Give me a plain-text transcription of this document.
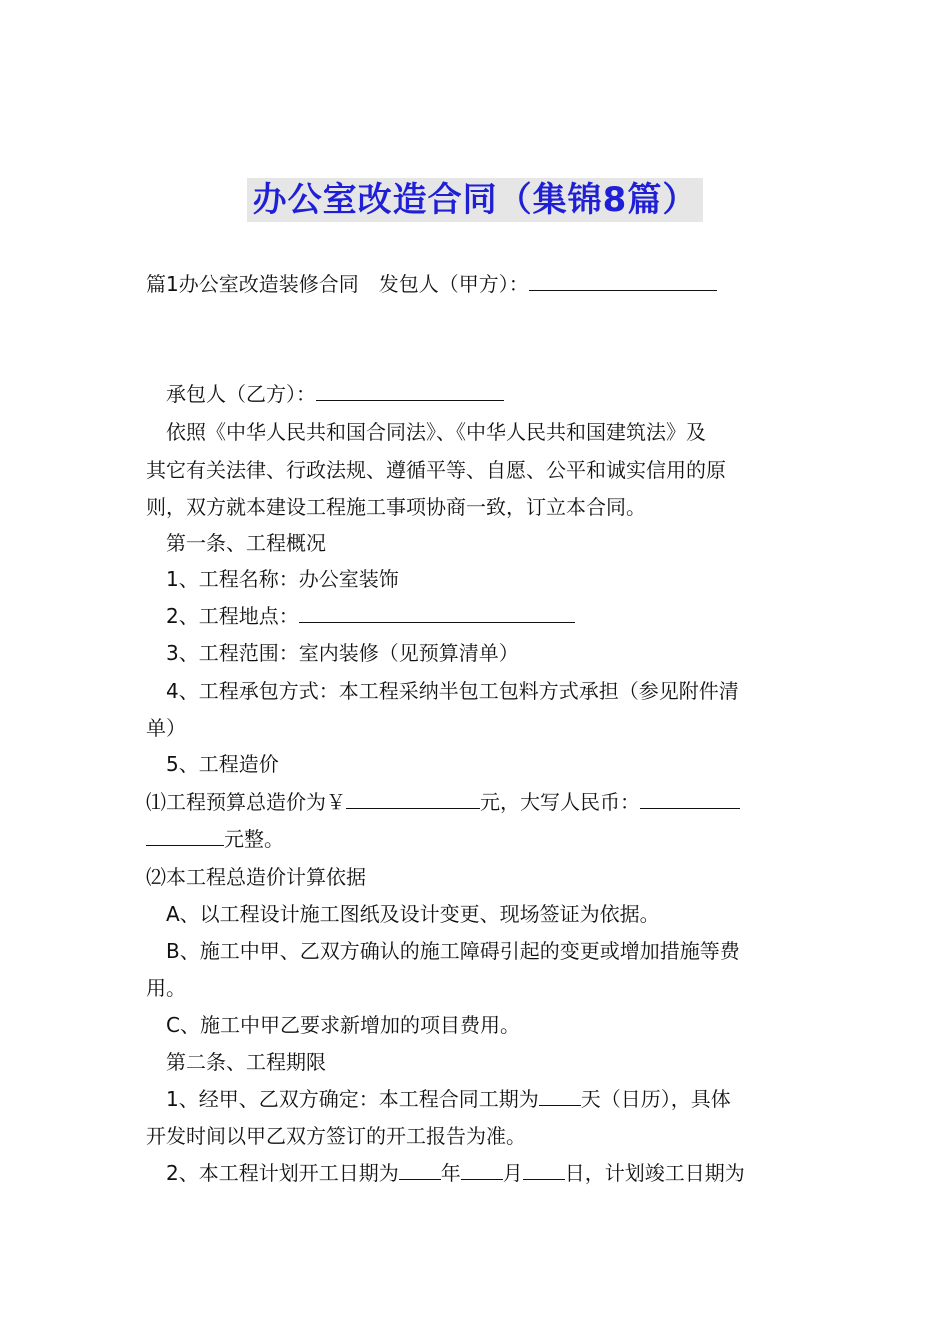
办公室改造合同（集锦8篇）
篇1办公室改造装修合同 发包人（甲方）：
承包人（乙方）：
依照《中华人民共和国合同法》、《中华人民共和国建筑法》及
其它有关法律、行政法规、遵循平等、自愿、公平和诚实信用的原
则，双方就本建设工程施工事项协商一致，订立本合同。
第一条、工程概况
1、工程名称：办公室装饰
2、工程地点：
3、工程范围：室内装修（见预算清单）
4、工程承包方式：本工程采纳半包工包料方式承担（参见附件清
单）
5、工程造价
⑴工程预算总造价为￥	元，大写人民币：
元整。
⑵本工程总造价计算依据
A、以工程设计施工图纸及设计变更、现场签证为依据。
B、施工中甲、乙双方确认的施工障碍引起的变更或增加措施等费
用。
C、施工中甲乙要求新增加的项目费用。
第二条、工程期限
1、经甲、乙双方确定：本工程合同工期为 天（日历），具体
开发时间以甲乙双方签订的开工报告为准。
2、本工程计划开工日期为 年 月 日，计划竣工日期为
